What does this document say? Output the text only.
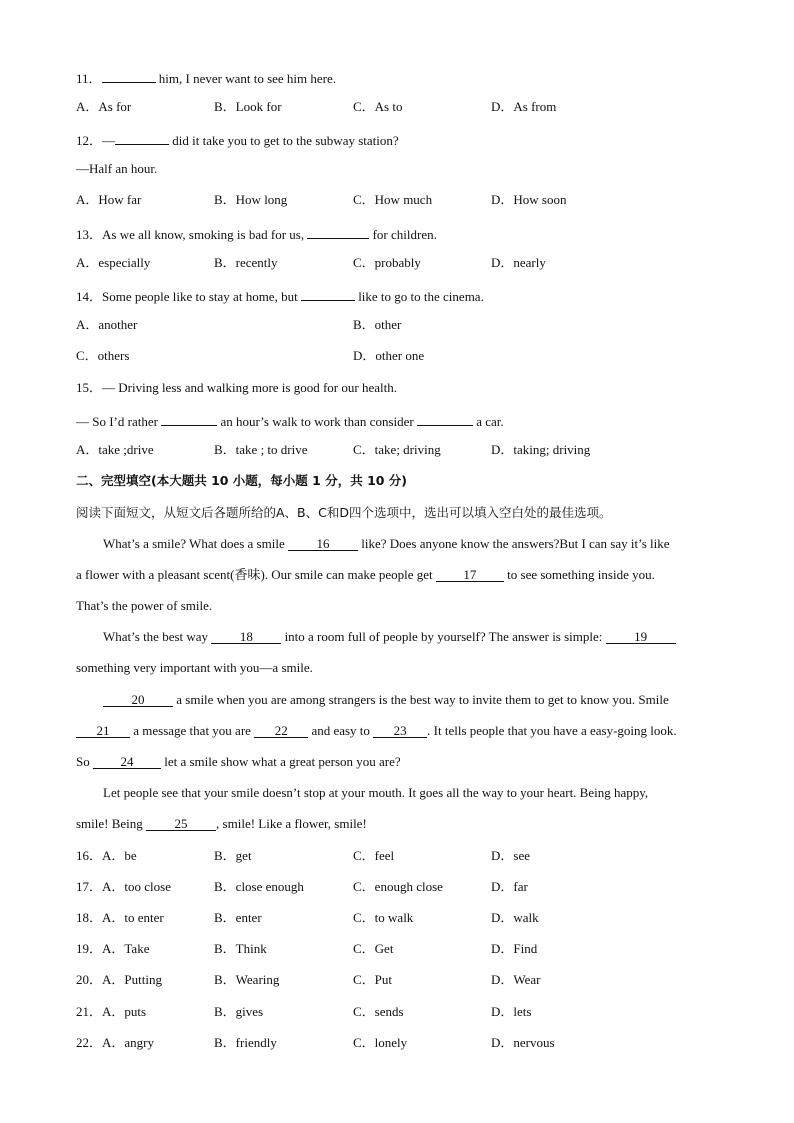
11．	him, I never want to see him here.
A．As for	B．Look for	C．As to	D．As from
12．—	did it take you to get to the subway station?
—Half an hour.
A．How far	B．How long	C．How much	D．How soon
13．As we all know, smoking is bad for us,	for children.
A．especially	B．recently	C．probably	D．nearly
14．Some people like to stay at home, but	like to go to the cinema.
A．another	B．other
C．others	D．other one
15．— Driving less and walking more is good for our health.
— So I’d rather	an hour’s walk to work than consider	a car.
A．take ;drive	B．take ; to drive	C．take; driving	D．taking; driving
二、完型填空(本大题共 10 小题，每小题 1 分，共 10 分)
阅读下面短文，从短文后各题所给的A、B、C和D四个选项中，选出可以填入空白处的最佳选项。
What’s a smile? What does a smile 16 like? Does anyone know the answers?But I can say it’s like
a flower with a pleasant scent(香味). Our smile can make people get 17 to see something inside you.
That’s the power of smile.
What’s the best way 18 into a room full of people by yourself? The answer is simple: 19
something very important with you—a smile.
20 a smile when you are among strangers is the best way to invite them to get to know you. Smile
21 a message that you are 22 and easy to 23 . It tells people that you have a easy-going look.
So 24 let a smile show what a great person you are?
Let people see that your smile doesn’t stop at your mouth. It goes all the way to your heart. Being happy,
smile! Being 25 , smile! Like a flower, smile!
16．A．be	B．get	C．feel	D．see
17．A．too close	B．close enough	C．enough close	D．far
18．A．to enter	B．enter	C．to walk	D．walk
19．A．Take	B．Think	C．Get	D．Find
20．A．Putting	B．Wearing	C．Put	D．Wear
21．A．puts	B．gives	C．sends	D．lets
22．A．angry	B．friendly	C．lonely	D．nervous
